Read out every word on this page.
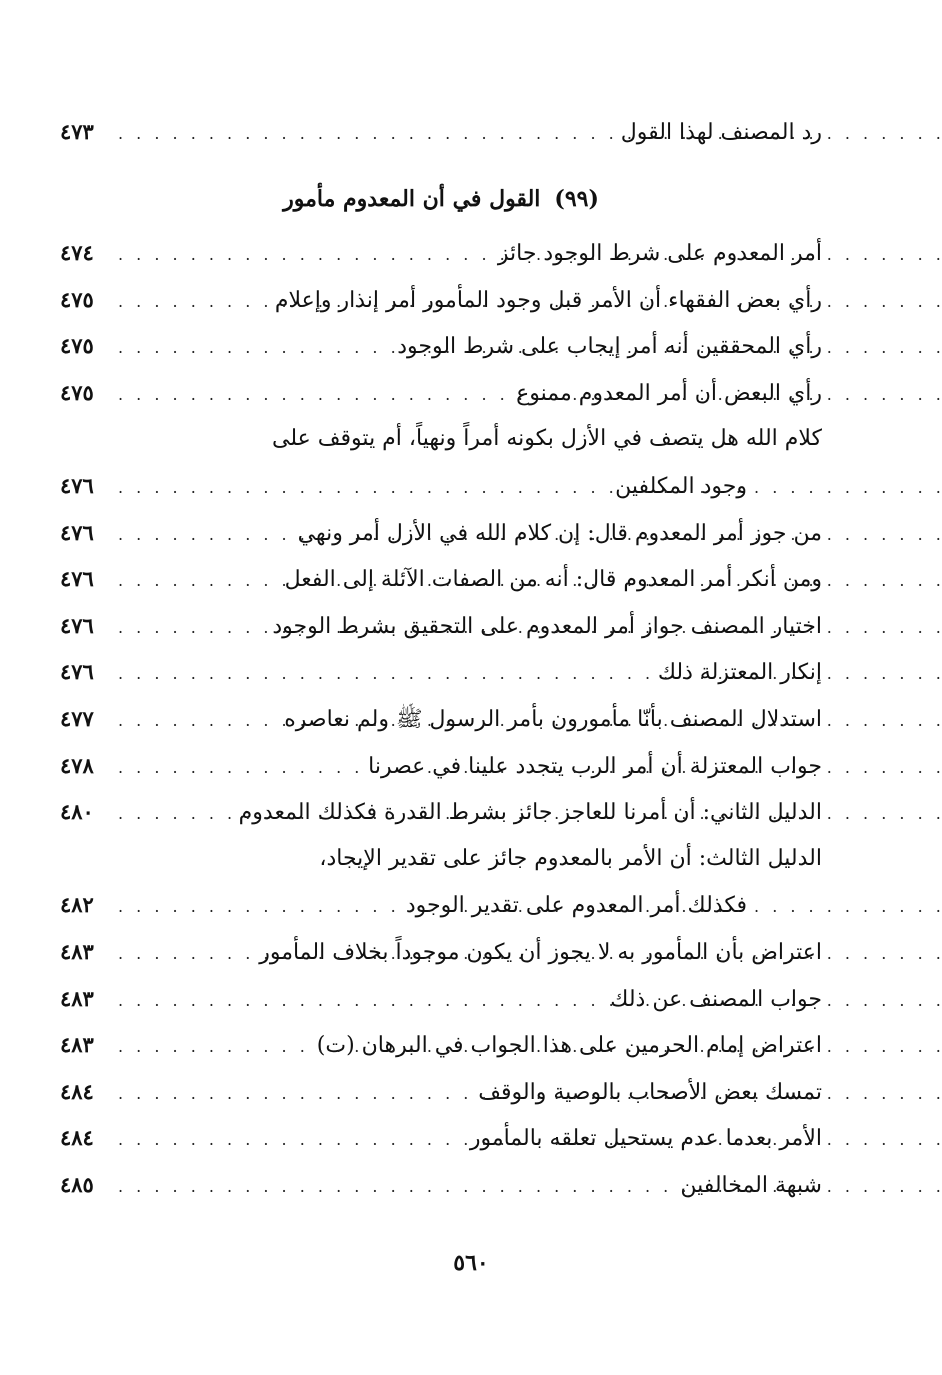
رد المصنف لهذا القول
. . .
٤٧٣
(٩٩)
القول في أن المعدوم مأمور
أمر المعدوم على شرط الوجود جائز
. . .
٤٧٤
رأي بعض الفقهاء أن الأمر قبل وجود المأمور أمر إنذار وإعلام
. . .
٤٧٥
رأي المحققين أنه أمر إيجاب على شرط الوجود
. . .
٤٧٥
رأي البعض أن أمر المعدوم ممنوع
. . .
٤٧٥
كلام الله هل يتصف في الأزل بكونه أمراً ونهياً، أم يتوقف على
وجود المكلفين
. . .
٤٧٦
من جوز أمر المعدوم قال: إن كلام الله في الأزل أمر ونهي
. . .
٤٧٦
ومن أنكر أمر المعدوم قال: أنه من الصفات الآئلة إلى الفعل
. . .
٤٧٦
اختيار المصنف جواز أمر المعدوم على التحقيق بشرط الوجود
. . .
٤٧٦
إنكار المعتزلة ذلك
. . .
٤٧٦
استدلال المصنف بأنّا مأمورون بأمر الرسول ﷺ ولم نعاصره
. . .
٤٧٧
جواب المعتزلة أن أمر الرب يتجدد علينا في عصرنا
. . .
٤٧٨
الدليل الثاني: أن أمرنا للعاجز جائز بشرط القدرة فكذلك المعدوم
. . .
٤٨٠
الدليل الثالث: أن الأمر بالمعدوم جائز على تقدير الإيجاد،
فكذلك أمر المعدوم على تقدير الوجود
. . .
٤٨٢
اعتراض بأن المأمور به لا يجوز أن يكون موجوداً بخلاف المأمور
. . .
٤٨٣
جواب المصنف عن ذلك
. . .
٤٨٣
اعتراض إمام الحرمين على هذا الجواب في البرهان (ت)
. . .
٤٨٣
تمسك بعض الأصحاب بالوصية والوقف
. . .
٤٨٤
الأمر بعدما عدم يستحيل تعلقه بالمأمور
. . .
٤٨٤
شبهة المخالفين
. . .
٤٨٥
٥٦٠
